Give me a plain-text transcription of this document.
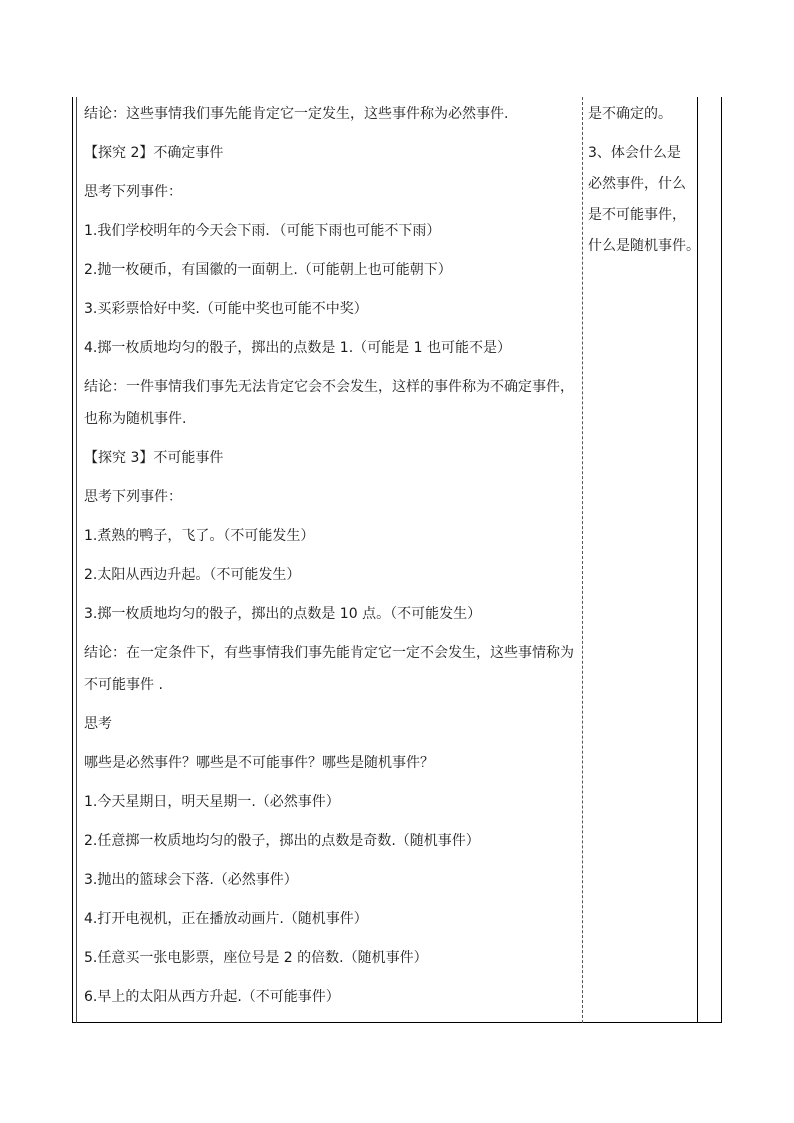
结论：这些事情我们事先能肯定它一定发生，这些事件称为必然事件.
【探究 2】不确定事件
思考下列事件：
1.我们学校明年的今天会下雨．（可能下雨也可能不下雨）
2.抛一枚硬币，有国徽的一面朝上.（可能朝上也可能朝下）
3.买彩票恰好中奖.（可能中奖也可能不中奖）
4.掷一枚质地均匀的骰子，掷出的点数是 1.（可能是 1 也可能不是）
结论：一件事情我们事先无法肯定它会不会发生，这样的事件称为不确定事件，
也称为随机事件.
【探究 3】不可能事件
思考下列事件：
1.煮熟的鸭子，飞了。（不可能发生）
2.太阳从西边升起。（不可能发生）
3.掷一枚质地均匀的骰子，掷出的点数是 10 点。（不可能发生）
结论：在一定条件下，有些事情我们事先能肯定它一定不会发生，这些事情称为
不可能事件 .
思考
哪些是必然事件？哪些是不可能事件？哪些是随机事件？
1.今天星期日，明天星期一.（必然事件）
2.任意掷一枚质地均匀的骰子，掷出的点数是奇数.（随机事件）
3.抛出的篮球会下落.（必然事件）
4.打开电视机，正在播放动画片.（随机事件）
5.任意买一张电影票，座位号是 2 的倍数.（随机事件）
6.早上的太阳从西方升起.（不可能事件）
是不确定的。
3、体会什么是
必然事件，什么
是不可能事件，
什么是随机事件。
